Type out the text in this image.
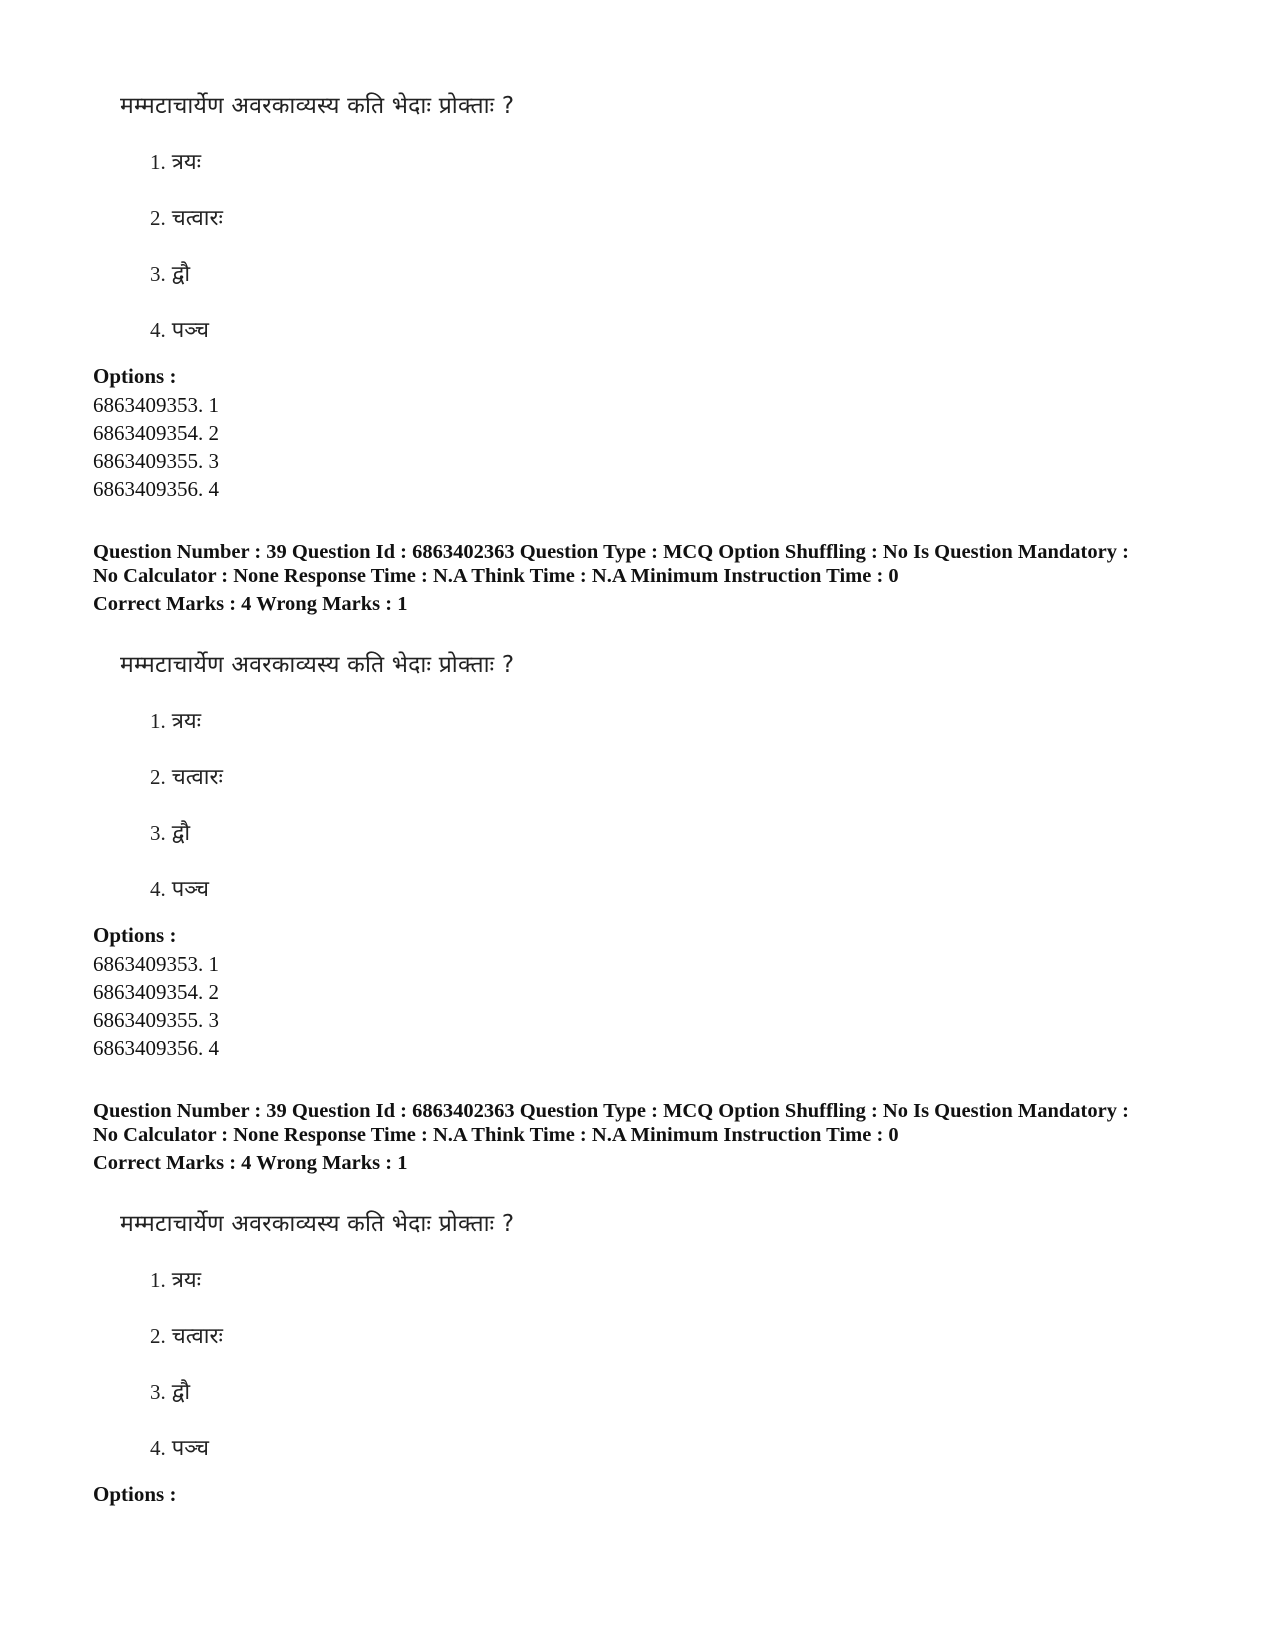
मम्मटाचार्येण अवरकाव्यस्य कति भेदाः प्रोक्ताः ?
1. त्रयः
2. चत्वारः
3. द्वौ
4. पञ्च
Options :
6863409353. 1
6863409354. 2
6863409355. 3
6863409356. 4
Question Number : 39 Question Id : 6863402363 Question Type : MCQ Option Shuffling : No Is Question Mandatory :
No Calculator : None Response Time : N.A Think Time : N.A Minimum Instruction Time : 0
Correct Marks : 4 Wrong Marks : 1
मम्मटाचार्येण अवरकाव्यस्य कति भेदाः प्रोक्ताः ?
1. त्रयः
2. चत्वारः
3. द्वौ
4. पञ्च
Options :
6863409353. 1
6863409354. 2
6863409355. 3
6863409356. 4
Question Number : 39 Question Id : 6863402363 Question Type : MCQ Option Shuffling : No Is Question Mandatory :
No Calculator : None Response Time : N.A Think Time : N.A Minimum Instruction Time : 0
Correct Marks : 4 Wrong Marks : 1
मम्मटाचार्येण अवरकाव्यस्य कति भेदाः प्रोक्ताः ?
1. त्रयः
2. चत्वारः
3. द्वौ
4. पञ्च
Options :
